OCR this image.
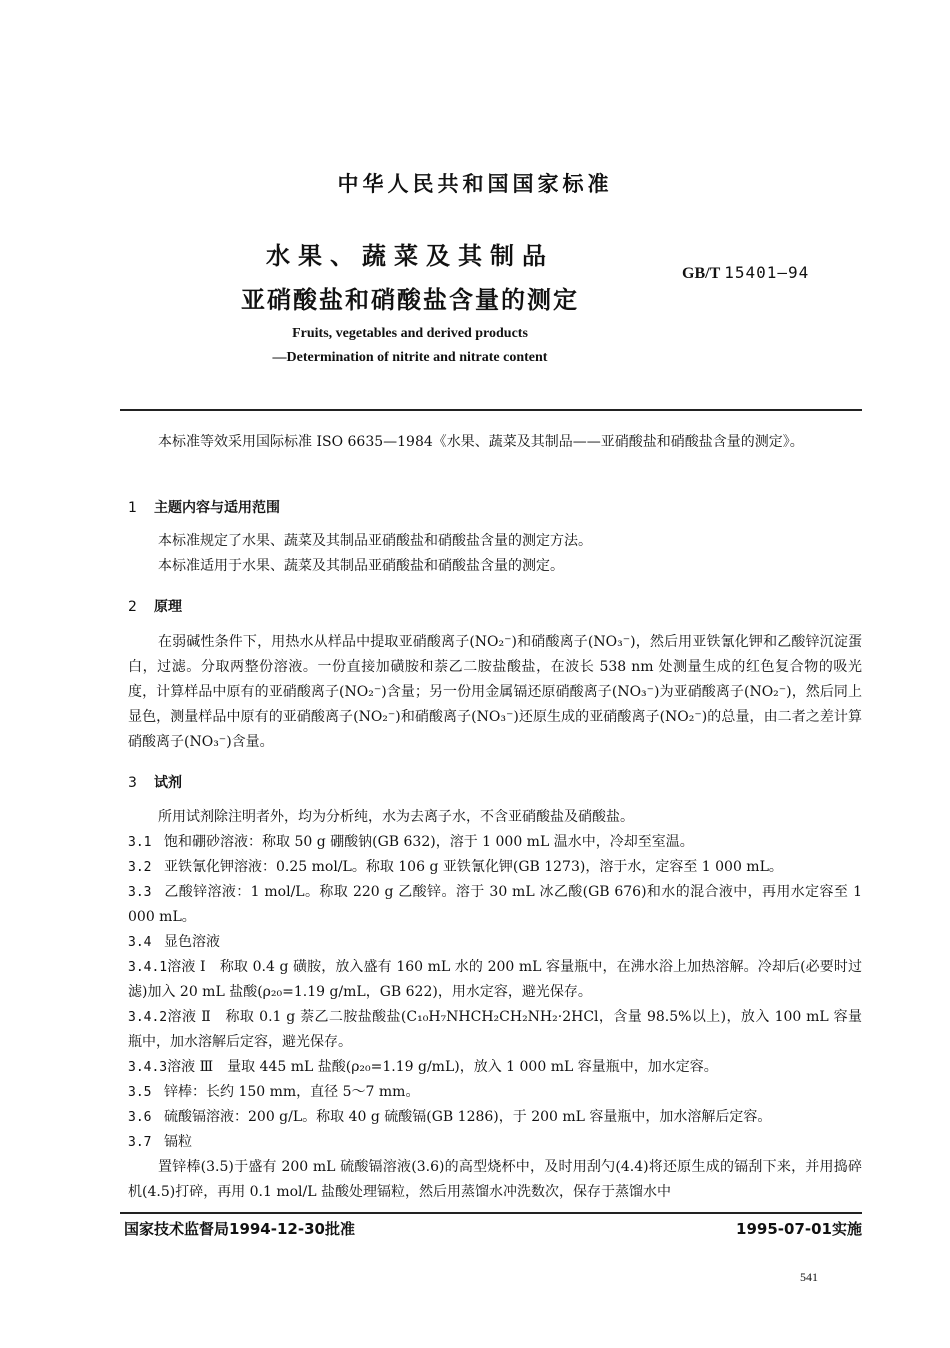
中华人民共和国国家标准
水果、蔬菜及其制品
亚硝酸盐和硝酸盐含量的测定
GB/T 15401—94
Fruits, vegetables and derived products
—Determination of nitrite and nitrate content
本标准等效采用国际标准 ISO 6635—1984《水果、蔬菜及其制品——亚硝酸盐和硝酸盐含量的测定》。
1 主题内容与适用范围
本标准规定了水果、蔬菜及其制品亚硝酸盐和硝酸盐含量的测定方法。
本标准适用于水果、蔬菜及其制品亚硝酸盐和硝酸盐含量的测定。
2 原理
在弱碱性条件下，用热水从样品中提取亚硝酸离子(NO₂⁻)和硝酸离子(NO₃⁻)，然后用亚铁氰化钾和乙酸锌沉淀蛋白，过滤。分取两整份溶液。一份直接加磺胺和萘乙二胺盐酸盐，在波长 538 nm 处测量生成的红色复合物的吸光度，计算样品中原有的亚硝酸离子(NO₂⁻)含量；另一份用金属镉还原硝酸离子(NO₃⁻)为亚硝酸离子(NO₂⁻)，然后同上显色，测量样品中原有的亚硝酸离子(NO₂⁻)和硝酸离子(NO₃⁻)还原生成的亚硝酸离子(NO₂⁻)的总量，由二者之差计算硝酸离子(NO₃⁻)含量。
3 试剂
所用试剂除注明者外，均为分析纯，水为去离子水，不含亚硝酸盐及硝酸盐。
3.1 饱和硼砂溶液：称取 50 g 硼酸钠(GB 632)，溶于 1 000 mL 温水中，冷却至室温。
3.2 亚铁氰化钾溶液：0.25 mol/L。称取 106 g 亚铁氰化钾(GB 1273)，溶于水，定容至 1 000 mL。
3.3 乙酸锌溶液：1 mol/L。称取 220 g 乙酸锌。溶于 30 mL 冰乙酸(GB 676)和水的混合液中，再用水定容至 1 000 mL。
3.4 显色溶液
3.4.1溶液 Ⅰ　称取 0.4 g 磺胺，放入盛有 160 mL 水的 200 mL 容量瓶中，在沸水浴上加热溶解。冷却后(必要时过滤)加入 20 mL 盐酸(ρ₂₀=1.19 g/mL，GB 622)，用水定容，避光保存。
3.4.2溶液 Ⅱ　称取 0.1 g 萘乙二胺盐酸盐(C₁₀H₇NHCH₂CH₂NH₂·2HCl，含量 98.5%以上)，放入 100 mL 容量瓶中，加水溶解后定容，避光保存。
3.4.3溶液 Ⅲ　量取 445 mL 盐酸(ρ₂₀=1.19 g/mL)，放入 1 000 mL 容量瓶中，加水定容。
3.5 锌棒：长约 150 mm，直径 5～7 mm。
3.6 硫酸镉溶液：200 g/L。称取 40 g 硫酸镉(GB 1286)，于 200 mL 容量瓶中，加水溶解后定容。
3.7 镉粒
置锌棒(3.5)于盛有 200 mL 硫酸镉溶液(3.6)的高型烧杯中，及时用刮勺(4.4)将还原生成的镉刮下来，并用捣碎机(4.5)打碎，再用 0.1 mol/L 盐酸处理镉粒，然后用蒸馏水冲洗数次，保存于蒸馏水中
国家技术监督局1994-12-30批准	1995-07-01实施
541
